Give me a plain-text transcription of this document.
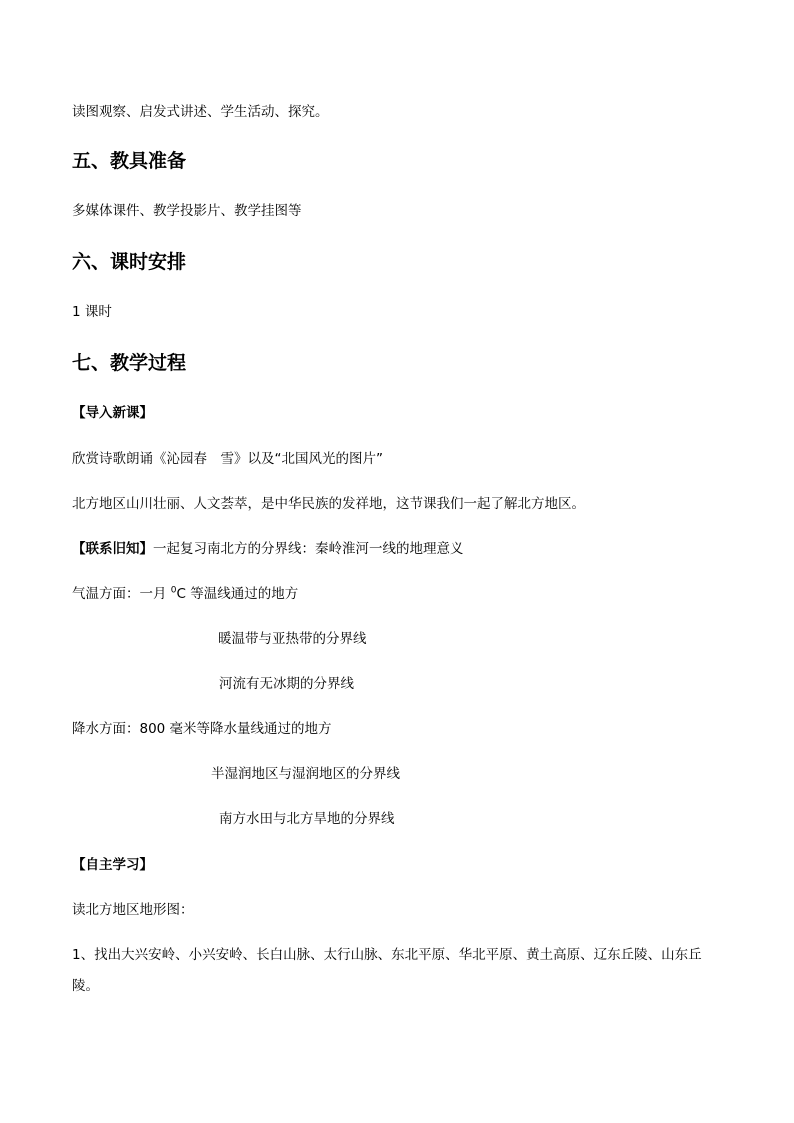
读图观察、启发式讲述、学生活动、探究。
五、教具准备
多媒体课件、教学投影片、教学挂图等
六、课时安排
1 课时
七、教学过程
【导入新课】
欣赏诗歌朗诵《沁园春　雪》以及“北国风光的图片”
北方地区山川壮丽、人文荟萃，是中华民族的发祥地，这节课我们一起了解北方地区。
【联系旧知】一起复习南北方的分界线：秦岭淮河一线的地理意义
气温方面：一月 $^0$C 等温线通过的地方
暖温带与亚热带的分界线
河流有无冰期的分界线
降水方面：800 毫米等降水量线通过的地方
半湿润地区与湿润地区的分界线
南方水田与北方旱地的分界线
【自主学习】
读北方地区地形图：
1、找出大兴安岭、小兴安岭、长白山脉、太行山脉、东北平原、华北平原、黄土高原、辽东丘陵、山东丘
陵。
